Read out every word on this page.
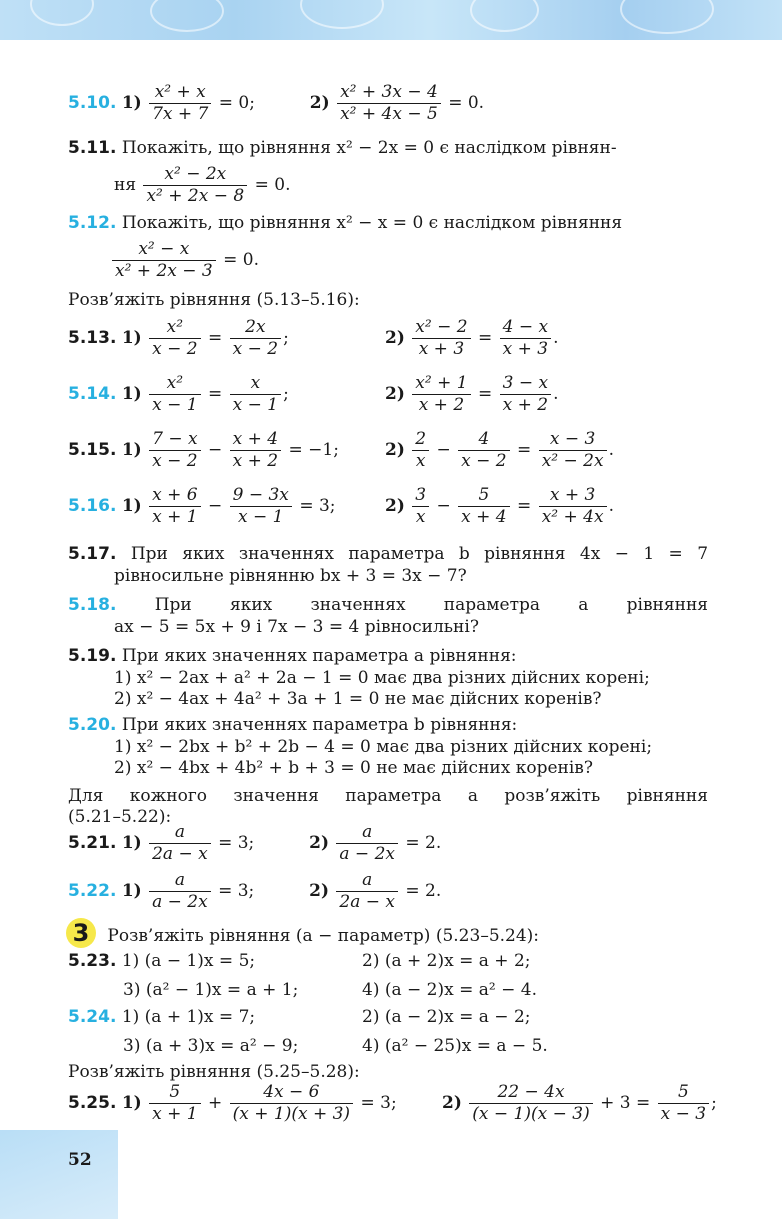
5.10. $1) \frac{\text{x² + x}}{7x + 7} = 0$;	$2) \frac{\text{x² + 3x − 4}}{\text{x² + 4x − 5}} = 0$.
5.11. Покажіть, що рівняння x² − 2x = 0 є наслідком рівнян-
ня $\frac{\text{x² − 2x}}{\text{x² + 2x − 8}} = 0$.
5.12. Покажіть, що рівняння x² − x = 0 є наслідком рівняння
$\frac{\text{x² − x}}{\text{x² + 2x − 3}} = 0$.
Розв’яжіть рівняння (5.13–5.16):
5.13. $1) \frac{\text{x²}}{x - 2} = \frac{2x}{x - 2}$ ;	$2) \frac{\text{x² − 2}}{x + 3} = \frac{4 - x}{x + 3}$ .
5.14. $1) \frac{\text{x²}}{x - 1} = \frac{x}{x - 1}$ ;	$2) \frac{\text{x² + 1}}{x + 2} = \frac{3 - x}{x + 2}$ .
5.15. $1) \frac{7 - x}{x - 2} - \frac{x + 4}{x + 2} = -1$;	$2) \frac{2}{x} - \frac{4}{x - 2} = \frac{x - 3}{\text{x² − 2x}}$ .
5.16. $1) \frac{x + 6}{x + 1} - \frac{9 - 3x}{x - 1} = 3$;	$2) \frac{3}{x} - \frac{5}{x + 4} = \frac{x + 3}{\text{x² + 4x}}$ .
5.17. При яких значеннях параметра b рівняння 4x − 1 = 7
рівносильне рівнянню bx + 3 = 3x − 7?
5.18. При яких значеннях параметра a рівняння
ax − 5 = 5x + 9 і 7x − 3 = 4 рівносильні?
5.19. При яких значеннях параметра a рівняння:
1) x² − 2ax + a² + 2a − 1 = 0 має два різних дійсних корені;
2) x² − 4ax + 4a² + 3a + 1 = 0 не має дійсних коренів?
5.20. При яких значеннях параметра b рівняння:
1) x² − 2bx + b² + 2b − 4 = 0 має два різних дійсних корені;
2) x² − 4bx + 4b² + b + 3 = 0 не має дійсних коренів?
Для кожного значення параметра a розв’яжіть рівняння
(5.21–5.22):
5.21. $1) \frac{a}{2a - x} = 3$;	$2) \frac{a}{a - 2x} = 2$.
5.22. $1) \frac{a}{a - 2x} = 3$;	$2) \frac{a}{2a - x} = 2$.
3 Розв’яжіть рівняння (a − параметр) (5.23–5.24):
5.23. 1) (a − 1)x = 5;	2) (a + 2)x = a + 2;
3) (a² − 1)x = a + 1;	4) (a − 2)x = a² − 4.
5.24. 1) (a + 1)x = 7;	2) (a − 2)x = a − 2;
3) (a + 3)x = a² − 9;	4) (a² − 25)x = a − 5.
Розв’яжіть рівняння (5.25–5.28):
5.25. $1) \frac{5}{x + 1} + \frac{4x - 6}{(x + 1)(x + 3)} = 3$;	$2) \frac{22 - 4x}{(x - 1)(x - 3)} + 3 = \frac{5}{x - 3}$ ;
52
